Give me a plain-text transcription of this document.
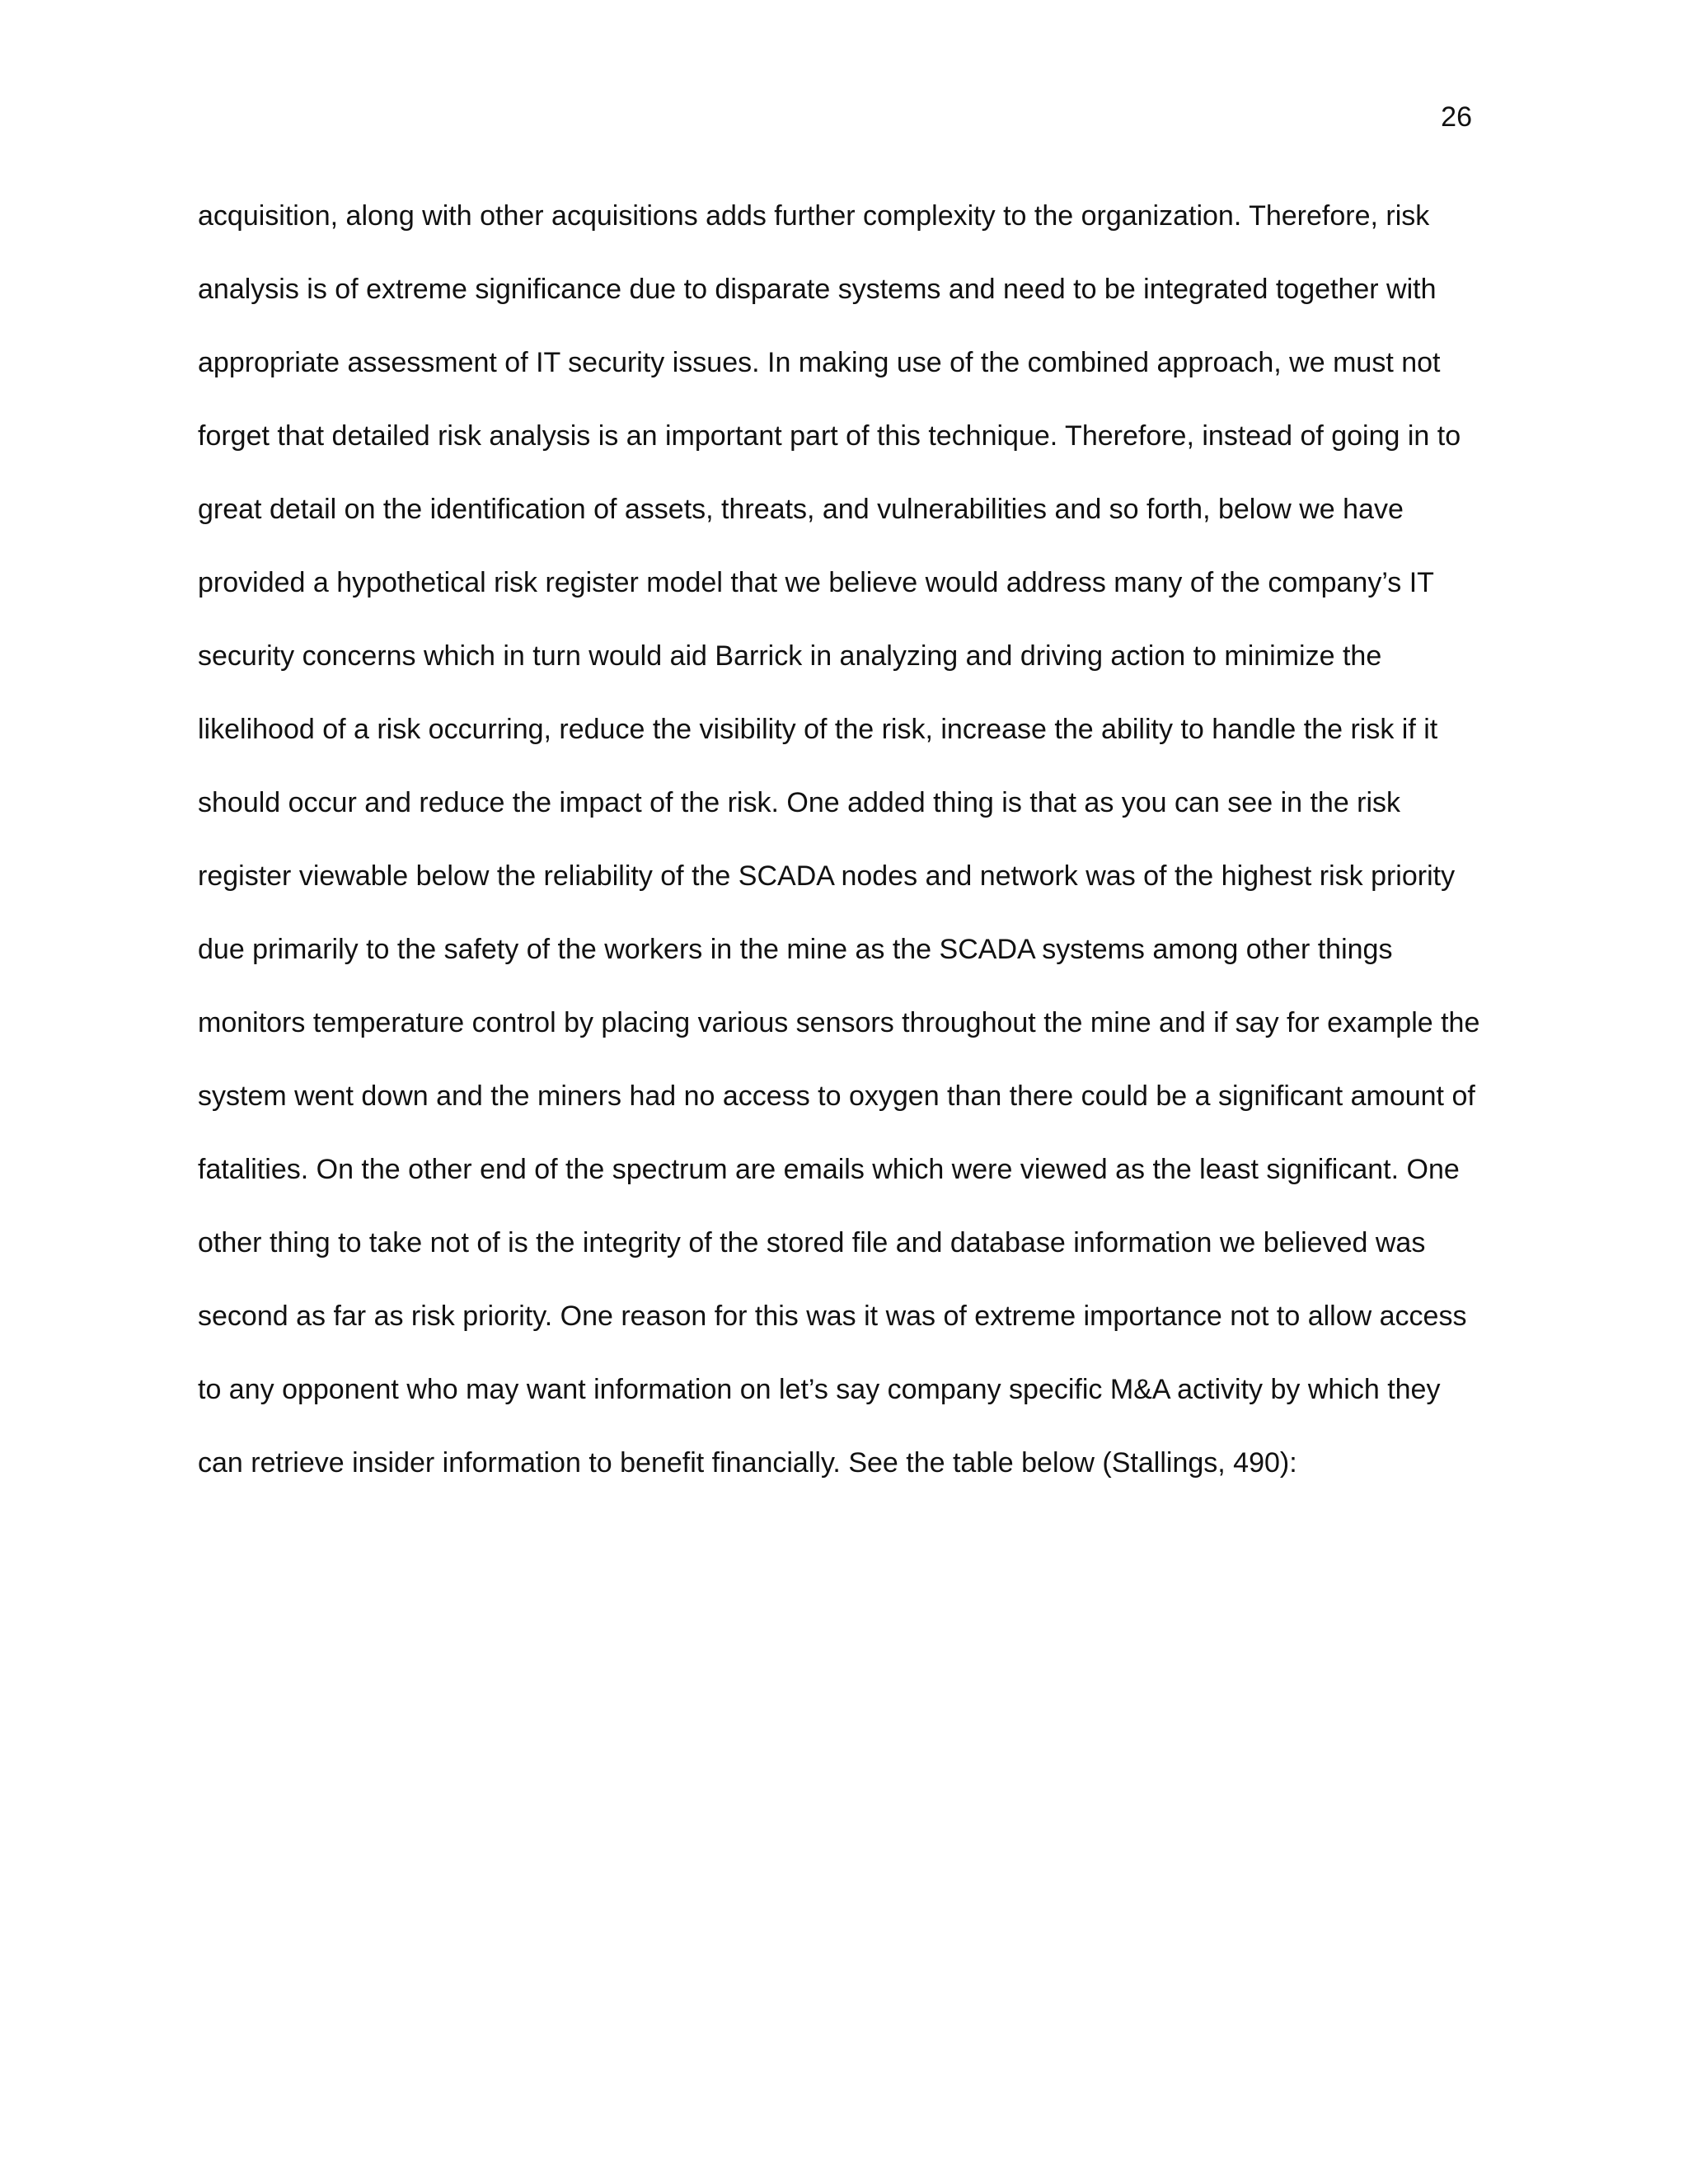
26
acquisition, along with other acquisitions adds further complexity to the organization. Therefore, risk
analysis is of extreme significance due to disparate systems and need to be integrated together with
appropriate assessment of IT security issues. In making use of the combined approach, we must not
forget that detailed risk analysis is an important part of this technique. Therefore, instead of going in to
great detail on the identification of assets, threats, and vulnerabilities and so forth, below we have
provided a hypothetical risk register model that we believe would address many of the company’s IT
security concerns which in turn would aid Barrick in analyzing and driving action to minimize the
likelihood of a risk occurring, reduce the visibility of the risk, increase the ability to handle the risk if it
should occur and reduce the impact of the risk. One added thing is that as you can see in the risk
register viewable below the reliability of the SCADA nodes and network was of the highest risk priority
due primarily to the safety of the workers in the mine as the SCADA systems among other things
monitors temperature control by placing various sensors throughout the mine and if say for example the
system went down and the miners had no access to oxygen than there could be a significant amount of
fatalities. On the other end of the spectrum are emails which were viewed as the least significant. One
other thing to take not of is the integrity of the stored file and database information we believed was
second as far as risk priority. One reason for this was it was of extreme importance not to allow access
to any opponent who may want information on let’s say company specific M&A activity by which they
can retrieve insider information to benefit financially. See the table below (Stallings, 490):
